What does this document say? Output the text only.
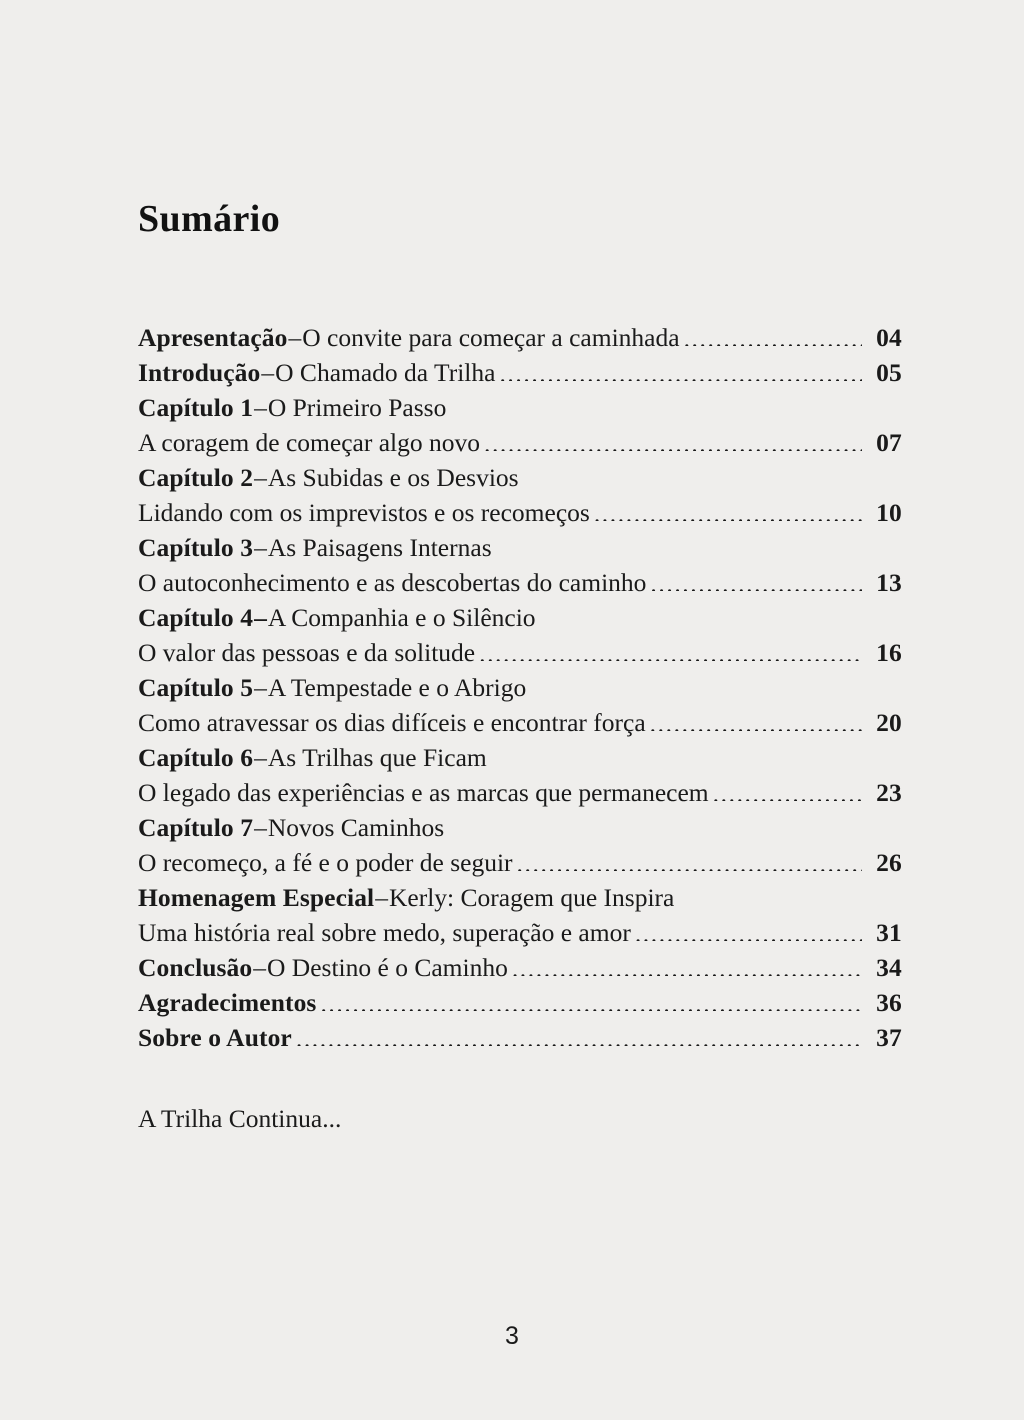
Sumário
Apresentação – O convite para começar a caminhada .....	04
Introdução – O Chamado da Trilha .....	05
Capítulo 1 – O Primeiro Passo
A coragem de começar algo novo .....	07
Capítulo 2 – As Subidas e os Desvios
Lidando com os imprevistos e os recomeços .....	10
Capítulo 3 – As Paisagens Internas
O autoconhecimento e as descobertas do caminho .....	13
Capítulo 4 – A Companhia e o Silêncio
O valor das pessoas e da solitude .....	16
Capítulo 5 – A Tempestade e o Abrigo
Como atravessar os dias difíceis e encontrar força .....	20
Capítulo 6 – As Trilhas que Ficam
O legado das experiências e as marcas que permanecem .....	23
Capítulo 7 – Novos Caminhos
O recomeço, a fé e o poder de seguir .....	26
Homenagem Especial – Kerly: Coragem que Inspira
Uma história real sobre medo, superação e amor .....	31
Conclusão – O Destino é o Caminho .....	34
Agradecimentos .....	36
Sobre o Autor .....	37
A Trilha Continua...
3
